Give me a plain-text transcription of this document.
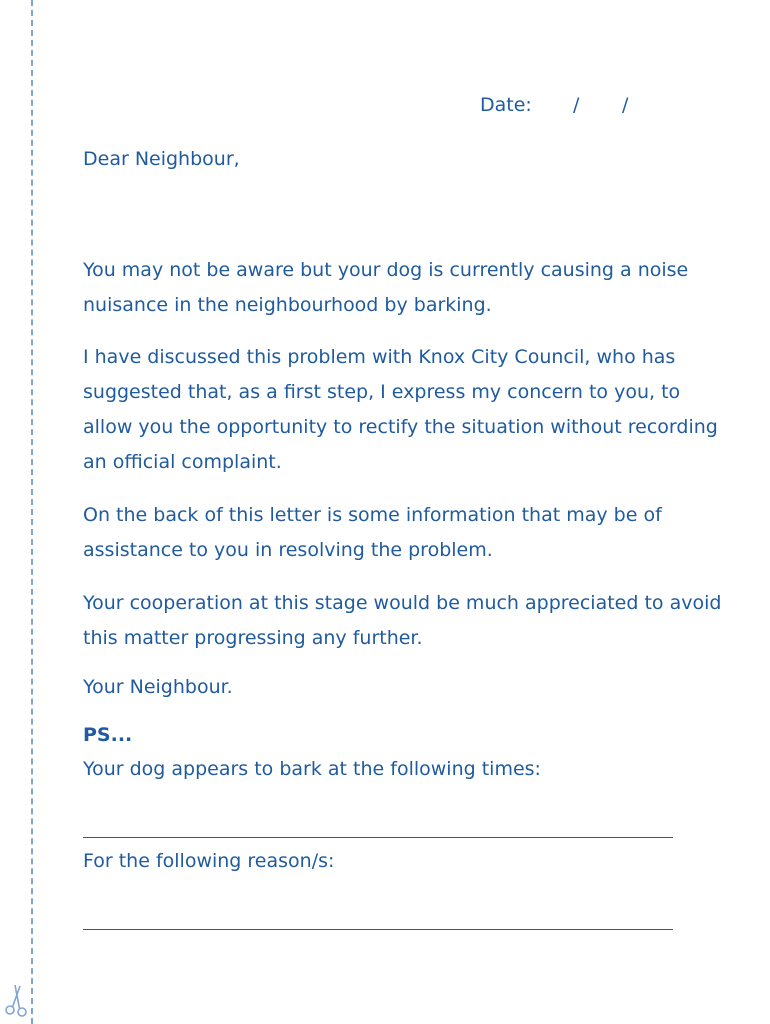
Date: / /
Dear Neighbour,

You may not be aware but your dog is currently causing a noise nuisance in the neighbourhood by barking.

I have discussed this problem with Knox City Council, who has suggested that, as a first step, I express my concern to you, to allow you the opportunity to rectify the situation without recording an official complaint.

On the back of this letter is some information that may be of assistance to you in resolving the problem.

Your cooperation at this stage would be much appreciated to avoid this matter progressing any further.

Your Neighbour.
PS...
Your dog appears to bark at the following times:
For the following reason/s:
